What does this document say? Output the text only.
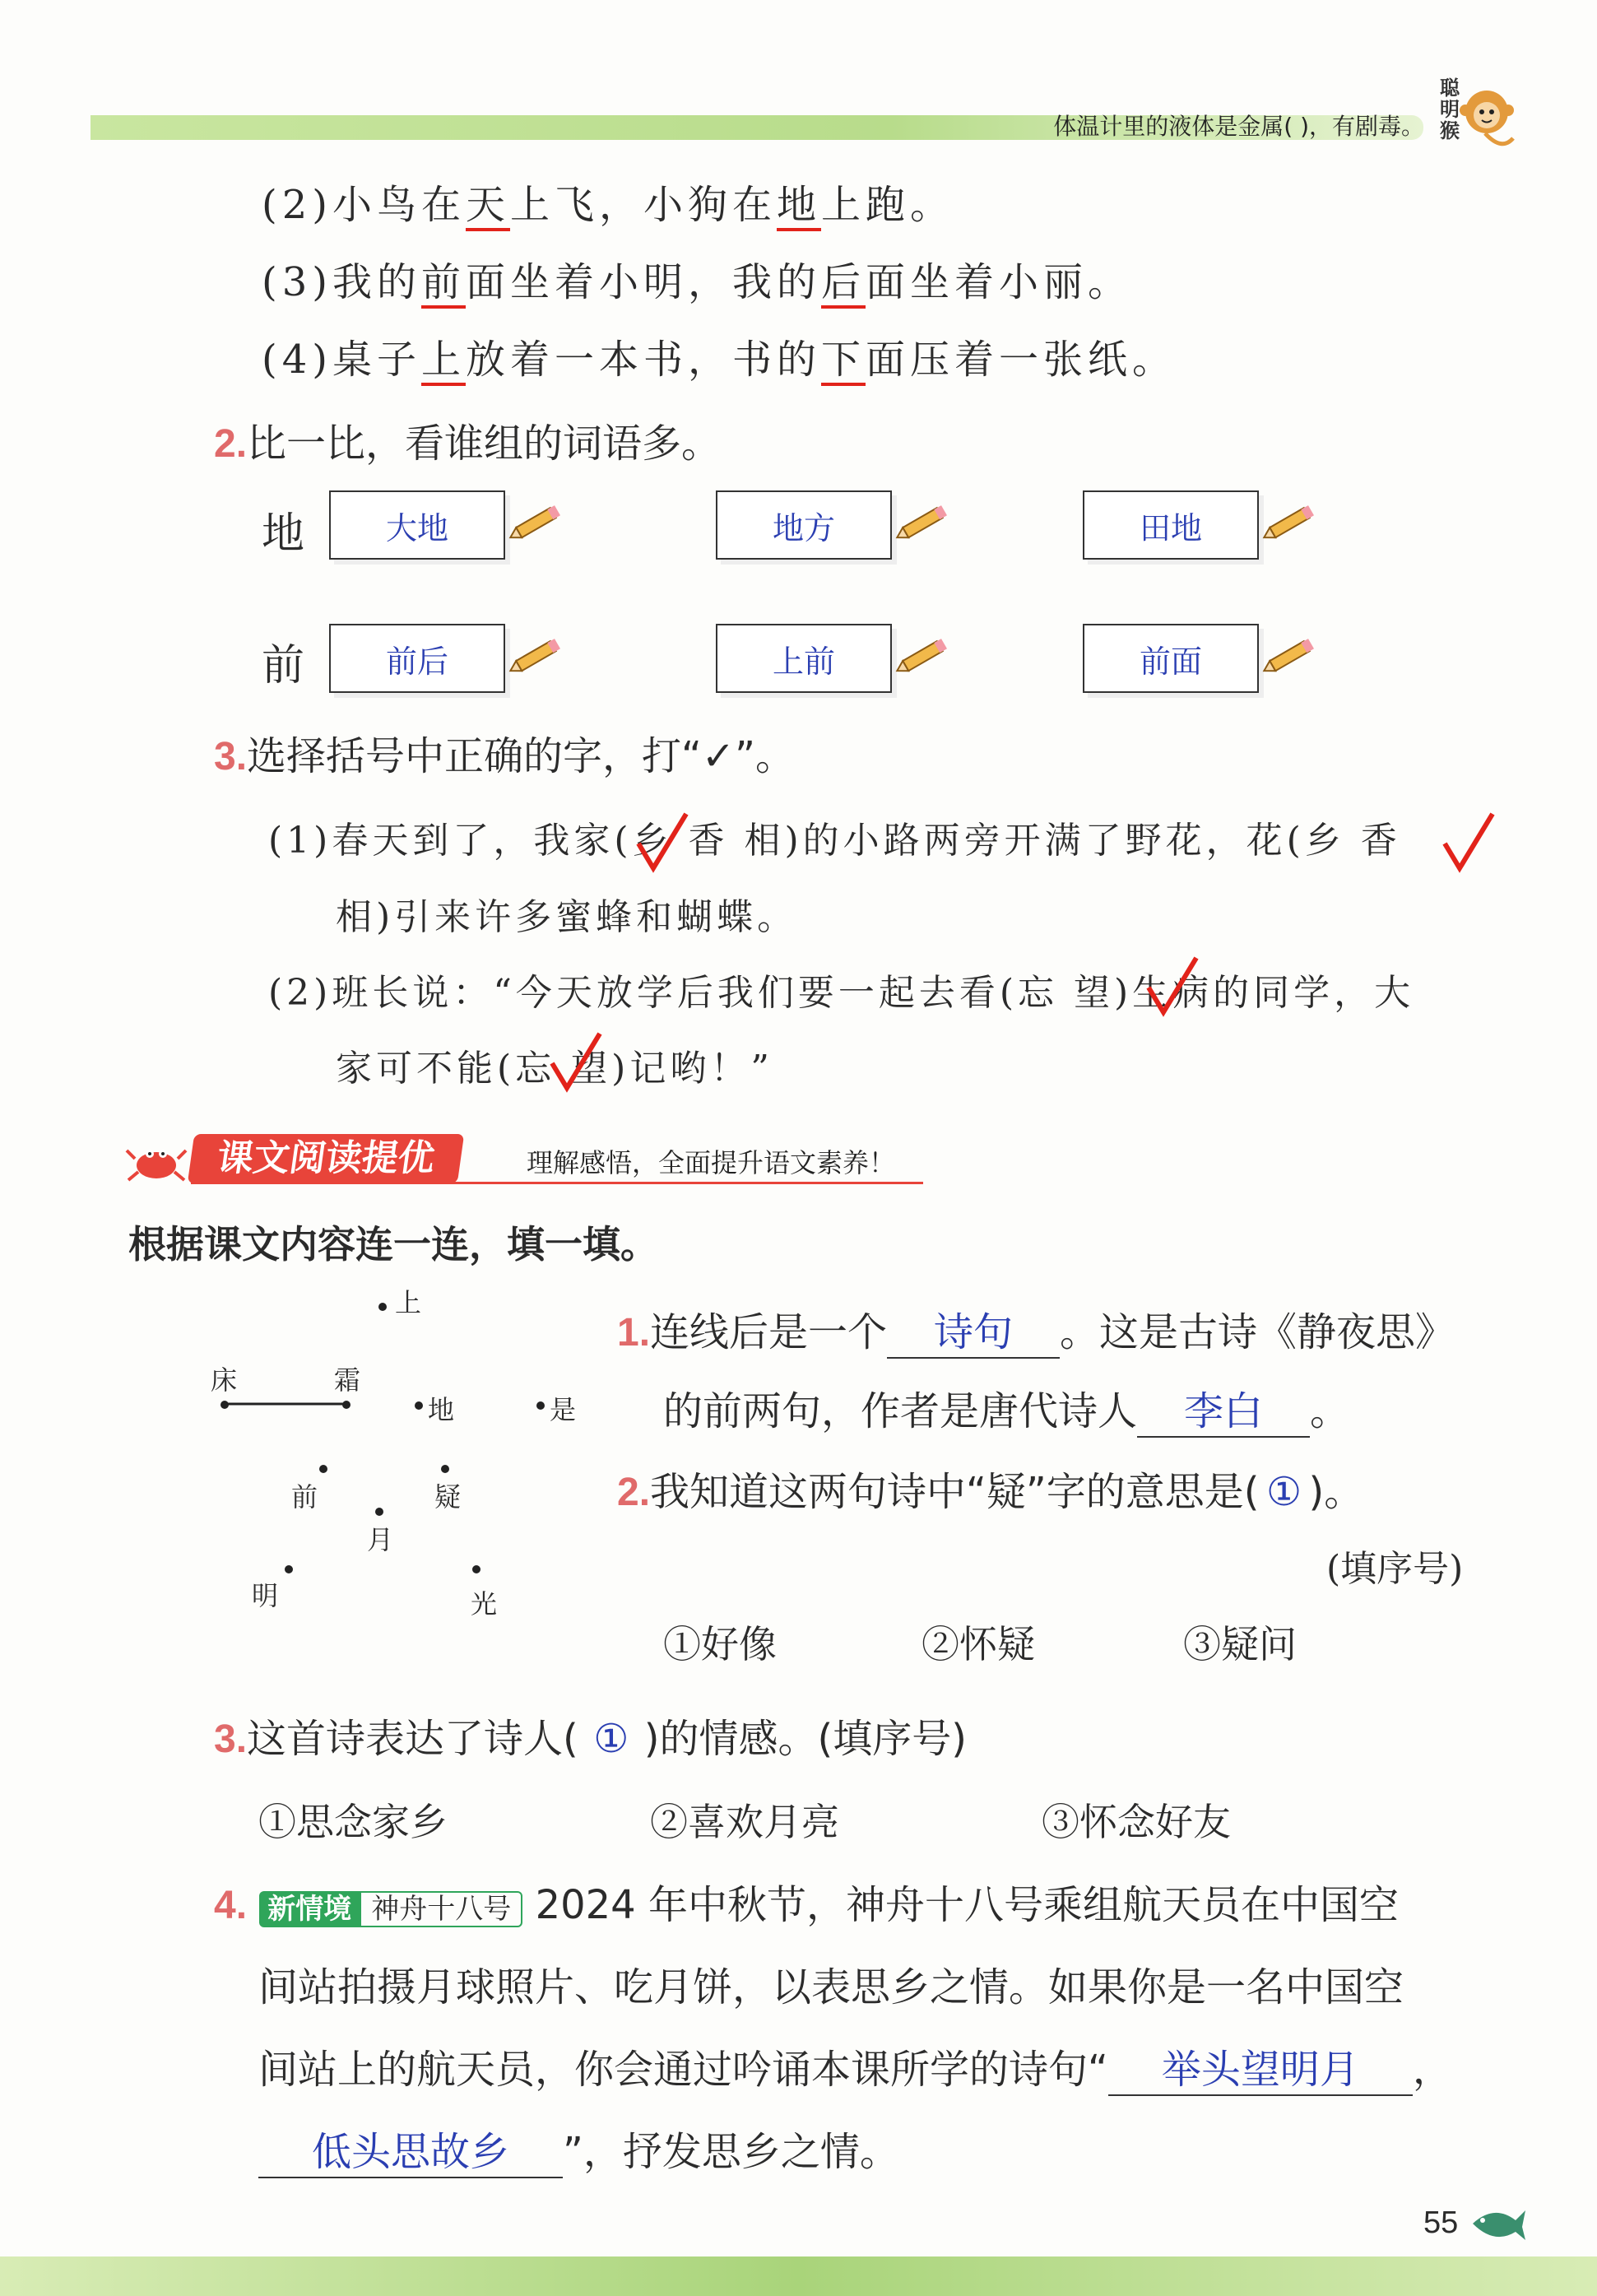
体温计里的液体是金属( )，有剧毒。
聪明猴
(2)小鸟在天上飞，小狗在地上跑。
(3)我的前面坐着小明，我的后面坐着小丽。
(4)桌子上放着一本书，书的下面压着一张纸。
2.比一比，看谁组的词语多。
地	大地	地方	田地
前	前后	上前	前面
3.选择括号中正确的字，打“✓”。
(1)春天到了，我家(乡 香 相)的小路两旁开满了野花，花(乡 香
相)引来许多蜜蜂和蝴蝶。
(2)班长说：“今天放学后我们要一起去看(忘 望)生病的同学，大
家可不能(忘 望)记哟！”
课文阅读提优	理解感悟，全面提升语文素养！
根据课文内容连一连，填一填。
上
床	霜
地	是
前	疑
月
明	光
1.连线后是一个 诗句 。这是古诗《静夜思》
的前两句，作者是唐代诗人 李白 。
2.我知道这两句诗中“疑”字的意思是( ① )。
(填序号)
①好像	②怀疑	③疑问
3.这首诗表达了诗人( ① )的情感。(填序号)
①思念家乡	②喜欢月亮	③怀念好友
4. 新情境 神舟十八号 2024 年中秋节，神舟十八号乘组航天员在中国空
间站拍摄月球照片、吃月饼，以表思乡之情。如果你是一名中国空
间站上的航天员，你会通过吟诵本课所学的诗句“ 举头望明月 ，
低头思故乡 ”，抒发思乡之情。
55
